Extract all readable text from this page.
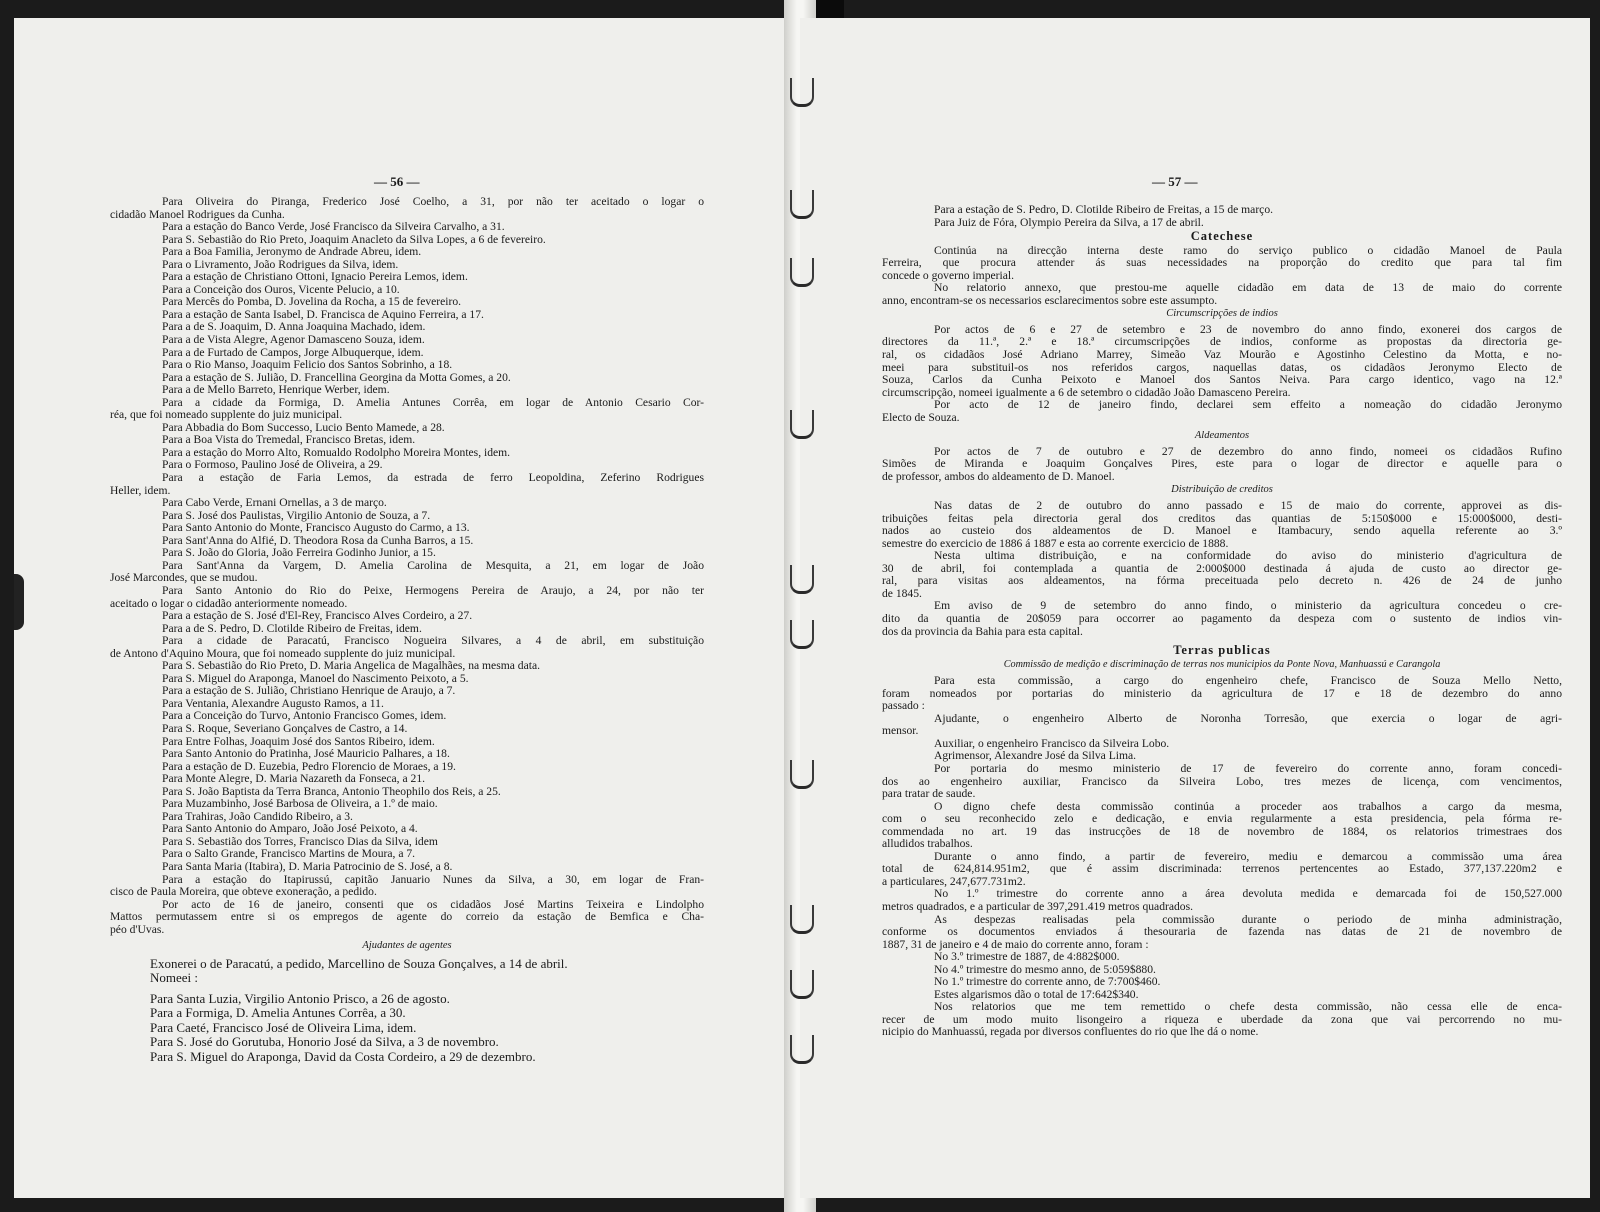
— 56 —
Para Oliveira do Piranga, Frederico José Coelho, a 31, por não ter aceitado o logar o
cidadão Manoel Rodrigues da Cunha.
Para a estação do Banco Verde, José Francisco da Silveira Carvalho, a 31.
Para S. Sebastião do Rio Preto, Joaquim Anacleto da Silva Lopes, a 6 de fevereiro.
Para a Boa Familia, Jeronymo de Andrade Abreu, idem.
Para o Livramento, João Rodrigues da Silva, idem.
Para a estação de Christiano Ottoni, Ignacio Pereira Lemos, idem.
Para a Conceição dos Ouros, Vicente Pelucio, a 10.
Para Mercês do Pomba, D. Jovelina da Rocha, a 15 de fevereiro.
Para a estação de Santa Isabel, D. Francisca de Aquino Ferreira, a 17.
Para a de S. Joaquim, D. Anna Joaquina Machado, idem.
Para a de Vista Alegre, Agenor Damasceno Souza, idem.
Para a de Furtado de Campos, Jorge Albuquerque, idem.
Para o Rio Manso, Joaquim Felicio dos Santos Sobrinho, a 18.
Para a estação de S. Julião, D. Francellina Georgina da Motta Gomes, a 20.
Para a de Mello Barreto, Henrique Werber, idem.
Para a cidade da Formiga, D. Amelia Antunes Corrêa, em logar de Antonio Cesario Cor-
réa, que foi nomeado supplente do juiz municipal.
Para Abbadia do Bom Successo, Lucio Bento Mamede, a 28.
Para a Boa Vista do Tremedal, Francisco Bretas, idem.
Para a estação do Morro Alto, Romualdo Rodolpho Moreira Montes, idem.
Para o Formoso, Paulino José de Oliveira, a 29.
Para a estação de Faria Lemos, da estrada de ferro Leopoldina, Zeferino Rodrigues
Heller, idem.
Para Cabo Verde, Ernani Ornellas, a 3 de março.
Para S. José dos Paulistas, Virgilio Antonio de Souza, a 7.
Para Santo Antonio do Monte, Francisco Augusto do Carmo, a 13.
Para Sant'Anna do Alfié, D. Theodora Rosa da Cunha Barros, a 15.
Para S. João do Gloria, João Ferreira Godinho Junior, a 15.
Para Sant'Anna da Vargem, D. Amelia Carolina de Mesquita, a 21, em logar de João
José Marcondes, que se mudou.
Para Santo Antonio do Rio do Peixe, Hermogens Pereira de Araujo, a 24, por não ter
aceitado o logar o cidadão anteriormente nomeado.
Para a estação de S. José d'El-Rey, Francisco Alves Cordeiro, a 27.
Para a de S. Pedro, D. Clotilde Ribeiro de Freitas, idem.
Para a cidade de Paracatú, Francisco Nogueira Silvares, a 4 de abril, em substituição
de Antono d'Aquino Moura, que foi nomeado supplente do juiz municipal.
Para S. Sebastião do Rio Preto, D. Maria Angelica de Magalhães, na mesma data.
Para S. Miguel do Araponga, Manoel do Nascimento Peixoto, a 5.
Para a estação de S. Julião, Christiano Henrique de Araujo, a 7.
Para Ventania, Alexandre Augusto Ramos, a 11.
Para a Conceição do Turvo, Antonio Francisco Gomes, idem.
Para S. Roque, Severiano Gonçalves de Castro, a 14.
Para Entre Folhas, Joaquim José dos Santos Ribeiro, idem.
Para Santo Antonio do Pratinha, José Mauricio Palhares, a 18.
Para a estação de D. Euzebia, Pedro Florencio de Moraes, a 19.
Para Monte Alegre, D. Maria Nazareth da Fonseca, a 21.
Para S. João Baptista da Terra Branca, Antonio Theophilo dos Reis, a 25.
Para Muzambinho, José Barbosa de Oliveira, a 1.º de maio.
Para Trahiras, João Candido Ribeiro, a 3.
Para Santo Antonio do Amparo, João José Peixoto, a 4.
Para S. Sebastião dos Torres, Francisco Dias da Silva, idem
Para o Salto Grande, Francisco Martins de Moura, a 7.
Para Santa Maria (Itabira), D. Maria Patrocinio de S. José, a 8.
Para a estação do Itapirussú, capitão Januario Nunes da Silva, a 30, em logar de Fran-
cisco de Paula Moreira, que obteve exoneração, a pedido.
Por acto de 16 de janeiro, consenti que os cidadãos José Martins Teixeira e Lindolpho
Mattos permutassem entre si os empregos de agente do correio da estação de Bemfica e Cha-
péo d'Uvas.
Ajudantes de agentes
Exonerei o de Paracatú, a pedido, Marcellino de Souza Gonçalves, a 14 de abril.
Nomeei :
Para Santa Luzia, Virgilio Antonio Prisco, a 26 de agosto.
Para a Formiga, D. Amelia Antunes Corrêa, a 30.
Para Caeté, Francisco José de Oliveira Lima, idem.
Para S. José do Gorutuba, Honorio José da Silva, a 3 de novembro.
Para S. Miguel do Araponga, David da Costa Cordeiro, a 29 de dezembro.
— 57 —
Para a estação de S. Pedro, D. Clotilde Ribeiro de Freitas, a 15 de março.
Para Juiz de Fóra, Olympio Pereira da Silva, a 17 de abril.
Catechese
Continúa na direcção interna deste ramo do serviço publico o cidadão Manoel de Paula
Ferreira, que procura attender ás suas necessidades na proporção do credito que para tal fim
concede o governo imperial.
No relatorio annexo, que prestou-me aquelle cidadão em data de 13 de maio do corrente
anno, encontram-se os necessarios esclarecimentos sobre este assumpto.
Circumscripções de indios
Por actos de 6 e 27 de setembro e 23 de novembro do anno findo, exonerei dos cargos de
directores da 11.ª, 2.ª e 18.ª circumscripções de indios, conforme as propostas da directoria ge-
ral, os cidadãos José Adriano Marrey, Simeão Vaz Mourão e Agostinho Celestino da Motta, e no-
meei para substituil-os nos referidos cargos, naquellas datas, os cidadãos Jeronymo Electo de
Souza, Carlos da Cunha Peixoto e Manoel dos Santos Neiva. Para cargo identico, vago na 12.ª
circumscripção, nomeei igualmente a 6 de setembro o cidadão João Damasceno Pereira.
Por acto de 12 de janeiro findo, declarei sem effeito a nomeação do cidadão Jeronymo
Electo de Souza.
Aldeamentos
Por actos de 7 de outubro e 27 de dezembro do anno findo, nomeei os cidadãos Rufino
Simões de Miranda e Joaquim Gonçalves Pires, este para o logar de director e aquelle para o
de professor, ambos do aldeamento de D. Manoel.
Distribuição de creditos
Nas datas de 2 de outubro do anno passado e 15 de maio do corrente, approvei as dis-
tribuições feitas pela directoria geral dos creditos das quantias de 5:150$000 e 15:000$000, desti-
nados ao custeio dos aldeamentos de D. Manoel e Itambacury, sendo aquella referente ao 3.º
semestre do exercicio de 1886 á 1887 e esta ao corrente exercicio de 1888.
Nesta ultima distribuição, e na conformidade do aviso do ministerio d'agricultura de
30 de abril, foi contemplada a quantia de 2:000$000 destinada á ajuda de custo ao director ge-
ral, para visitas aos aldeamentos, na fórma preceituada pelo decreto n. 426 de 24 de junho
de 1845.
Em aviso de 9 de setembro do anno findo, o ministerio da agricultura concedeu o cre-
dito da quantia de 20$059 para occorrer ao pagamento da despeza com o sustento de indios vin-
dos da provincia da Bahia para esta capital.
Terras publicas
Commissão de medição e discriminação de terras nos municipios da Ponte Nova, Manhuassú e Carangola
Para esta commissão, a cargo do engenheiro chefe, Francisco de Souza Mello Netto,
foram nomeados por portarias do ministerio da agricultura de 17 e 18 de dezembro do anno
passado :
Ajudante, o engenheiro Alberto de Noronha Torresão, que exercia o logar de agri-
mensor.
Auxiliar, o engenheiro Francisco da Silveira Lobo.
Agrimensor, Alexandre José da Silva Lima.
Por portaria do mesmo ministerio de 17 de fevereiro do corrente anno, foram concedi-
dos ao engenheiro auxiliar, Francisco da Silveira Lobo, tres mezes de licença, com vencimentos,
para tratar de saude.
O digno chefe desta commissão continúa a proceder aos trabalhos a cargo da mesma,
com o seu reconhecido zelo e dedicação, e envia regularmente a esta presidencia, pela fórma re-
commendada no art. 19 das instrucções de 18 de novembro de 1884, os relatorios trimestraes dos
alludidos trabalhos.
Durante o anno findo, a partir de fevereiro, mediu e demarcou a commissão uma área
total de 624,814.951m2, que é assim discriminada: terrenos pertencentes ao Estado, 377,137.220m2 e
a particulares, 247,677.731m2.
No 1.º trimestre do corrente anno a área devoluta medida e demarcada foi de 150,527.000
metros quadrados, e a particular de 397,291.419 metros quadrados.
As despezas realisadas pela commissão durante o periodo de minha administração,
conforme os documentos enviados á thesouraria de fazenda nas datas de 21 de novembro de
1887, 31 de janeiro e 4 de maio do corrente anno, foram :
No 3.º trimestre de 1887, de 4:882$000.
No 4.º trimestre do mesmo anno, de 5:059$880.
No 1.º trimestre do corrente anno, de 7:700$460.
Estes algarismos dão o total de 17:642$340.
Nos relatorios que me tem remettido o chefe desta commissão, não cessa elle de enca-
recer de um modo muito lisongeiro a riqueza e uberdade da zona que vai percorrendo no mu-
nicipio do Manhuassú, regada por diversos confluentes do rio que lhe dá o nome.
